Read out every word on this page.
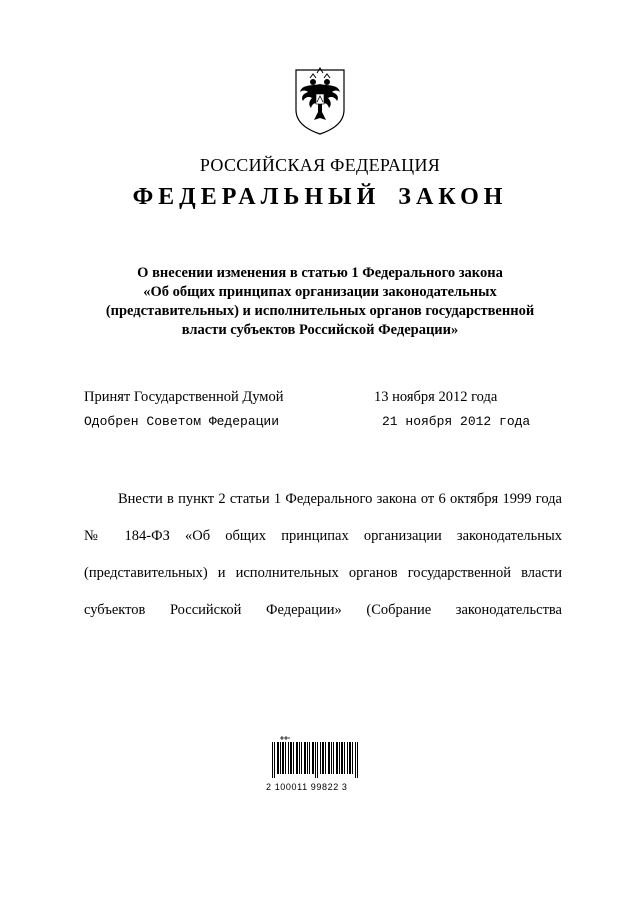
РОССИЙСКАЯ ФЕДЕРАЦИЯ
ФЕДЕРАЛЬНЫЙ ЗАКОН
О внесении изменения в статью 1 Федерального закона
«Об общих принципах организации законодательных
(представительных) и исполнительных органов государственной
власти субъектов Российской Федерации»
Принят Государственной Думой	13 ноября 2012 года
Одобрен Советом Федерации	21 ноября 2012 года
Внести в пункт 2 статьи 1 Федерального закона от 6 октября 1999 года № 184-ФЗ «Об общих принципах организации законодательных (представительных) и исполнительных органов государственной власти субъектов Российской Федерации» (Собрание законодательства
2 100011 99822 3
